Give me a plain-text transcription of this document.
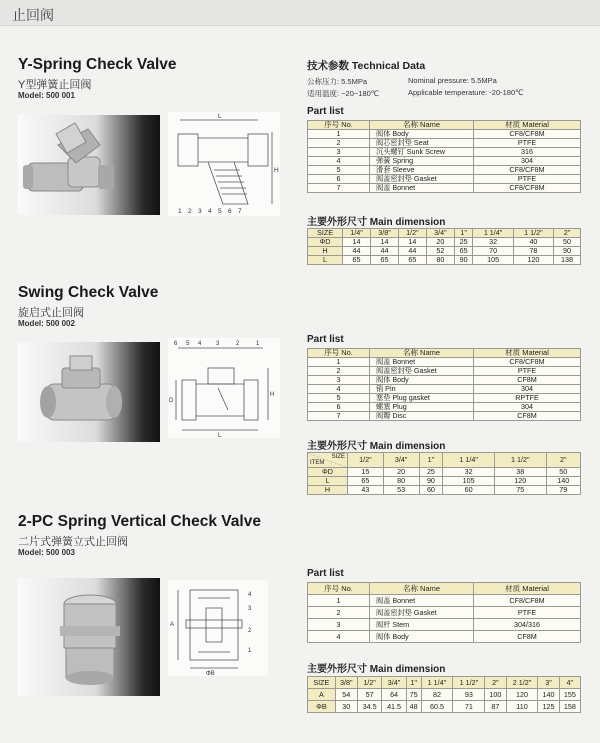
止回阀
Y-Spring Check Valve
Y型弹簧止回阀
Model: 500 001
L
H
1 2 3 4 5 6 7
技术参数 Technical Data
公称压力: 5.5MPa
适用温度: −20~180℃
Nominal pressure: 5.5MPa
Applicable temperature: -20-180℃
Part list
序号 No.	名称 Name	材质 Material
1	阀体 Body	CF8/CF8M
2	阀芯密封垫 Seat	PTFE
3	沉头螺钉 Sunk Screw	316
4	弹簧 Spring	304
5	滑套 Sleeve	CF8/CF8M
6	阀盖密封垫 Gasket	PTFE
7	阀盖 Bonnet	CF8/CF8M
主要外形尺寸 Main dimension
SIZE	1/4"	3/8"	1/2"	3/4"	1"	1 1/4"	1 1/2"	2"
ΦD	14	14	14	20	25	32	40	50
H	44	44	44	52	65	70	78	90
L	65	65	65	80	90	105	120	138
Swing Check Valve
旋启式止回阀
Model: 500 002
6 5 4 3	2	1
L
H
D
Part list
序号 No.	名称 Name	材质 Material
1	阀盖 Bonnet	CF8/CF8M
2	阀盖密封垫 Gasket	PTFE
3	阀体 Body	CF8M
4	销 Pin	304
5	塞垫 Plug gasket	RPTFE
6	螺塞 Plug	304
7	阀瓣 Disc	CF8M
主要外形尺寸 Main dimension
SIZE
ITEM	1/2"	3/4"	1"	1 1/4"	1 1/2"	2"
ΦD	15	20	25	32	38	50
L	65	80	90	105	120	140
H	43	53	60	60	75	79
2-PC Spring Vertical Check Valve
二片式弹簧立式止回阀
Model: 500 003
4
3
2
1
A
ΦB
Part list
序号 No.	名称 Name	材质 Material
1	阀盖 Bonnet	CF8/CF8M
2	阀盖密封垫 Gasket	PTFE
3	阀杆 Stem	304/316
4	阀体 Body	CF8M
主要外形尺寸 Main dimension
SIZE	3/8"	1/2"	3/4"	1"	1 1/4"	1 1/2"	2"	2 1/2"	3"	4"
A	54	57	64	75	82	93	100	120	140	155
ΦB	30	34.5	41.5	48	60.5	71	87	110	125	158
